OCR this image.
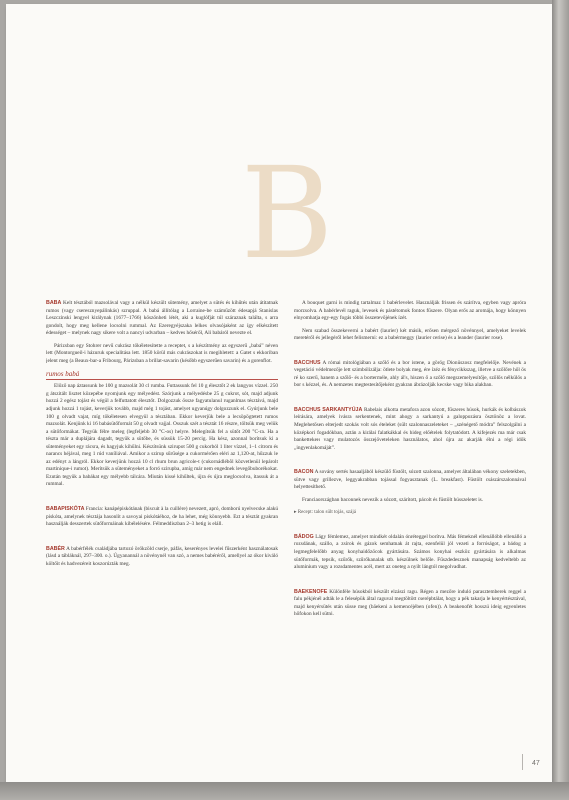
B

BABÁ Kelt tésztából mazsolával vagy a nélkül készült sütemény, amelyet a sütés és kihűtés után átitatnak rumos (vagy cseresznyepálinkás) szruppal. A babá állítólag a Lorraine-be száműzött édesapjá Stanislas Leszczinski lengyel királynak (1677–1766) köszönheti létét, aki a kuglófját túl száraznak találta, s arra gondolt, hogy meg kellene locsolni rummal. Az Ezeregyéjszaka lelkes olvasójaként az így elkészített édességet – melynek nagy sikere volt a nancyi udvarban – kedves hőséről, Ali babáról nevezte el.

Párizsban egy Stohrer nevű cukrász tökéletesítette a receptet, s a készítmény az egyszerű „babá” néven lett (Montorgueil-i házuruk specialitása lett. 1850 körül más cukrászokat is megihletett: a Gatet s ekkoriban jelent meg (a Beaux-bar-a Fribourg, Párizsban a brillat-savarin (később egyszerűen savarin) és a gorenflot.

rumos babá

Előző nap áztassunk be 100 g mazsolát 30 cl rumba. Futtassunk fel 10 g élesztőt 2 ek langyos vízzel. 250 g átszitált lisztet közepébe nyomjunk egy mélyedést. Szórjunk a mélyedésbe 25 g cukrot, sót, majd adjunk hozzá 2 egész tojást és végül a felfuttatott élesztőt. Dolgozzuk össze fagyatulanul ruganlmas tésztává, majd adjunk hozzá 1 tojást, keverjük tovább, majd még 1 tojást, amelyet ugyanúgy dolgozzunk el. Gyúrjunk bele 100 g olvadt vajat, míg tökéletesen elvegyül a tésztában. Ekkor keverjük bele a lecsöpögtetett rumos mazsolát. Kenjünk ki 16 babásütőformát 50 g olvadt vajjal. Osszuk szét a tésztát 16 részre, töltsük meg velük a sütőformákat. Tegyük félre meleg (legfeljebb 30 °C-os) helyre. Melegítsük fel a sütőt 200 °C-ra. Ha a tészta már a duplájára dagadt, tegyük a sütőbe, és sússük 15-20 percig. Ha kész, azonnal borítsuk ki a süteményeket egy rácsra, és hagyjuk kihűlni. Készítsünk szirupot 500 g cukorból 1 liter vízzel, 1–1 citrom és narancs héjával, meg 1 rúd vaníliával. Amikor a szirup sűrűsége a cukormérően eléri az 1,120-at, hűzzuk le az edényt a lángról. Ekkor keverjünk hozzá 10 cl rhum brun agricole-t (cukornádlébõl közvetlenül lepárolt martinique-i rumot). Merítsük a süteményeket a forró szirupba, amíg már nem engednek levegőbuborékokat. Ezután tegyük a babákat egy mélyebb tálcára. Miután kissé kihűltek, újra és újra meglocsolva, itassuk át a rummal.

BABAPISKÓTA Francia: kanápépiskótának (biscuit à la cuillère) nevezett, apró, domború nyelvecske alakú piskóta, amelynek tésztája hasonlít a savoyai piskótáéhoz, de ha lehet, még könnyebb. Ezt a tésztát gyakran használják desszertek sütőformáinak kibélelésére. Félmeddiszban 2–3 hetig is eláll.

BABÉR A babérfélék családjába tartozó örökzöld cserje, páfás, keserényes levelei fűszerként használatosak (lásd a tábláknál, 297–300. o.). Úgyanannál a növénynél van szó, a nemes babéréről, amellyel az ókor kiváló költőit és hadvezéreit koszorúzták meg.

A bouquet garni is mindig tartalmaz 1 babérlevelet. Használják frissen és szárítva, egyben vagy apróra morzsolva. A babérlevél raguk, levesek és pástétomok fontos fűszere. Olyan erős az aromája, hogy könnyen elnyomhatja egy-egy fogás többi összetevőjének ízét.

Nem szabad összekeverni a babért (laurier) két másik, erősen mérgező növénnyel, amelyeket levelek meretéről és jellegéről lehet felismerni: ez a babérmeggy (laurier cerise) és a leander (laurier rose).

BACCHUS A római mitológiában a szőlő és a bor istene, a görög Dionüszosz megfelelője. Nevének a vegetáció védelmezője lett szimbólizálja: ötlete bolyak meg, ére ízéz és fénycikkszag, illetve a szőlőre hől ös ré ko szerű, hanem a szőlő- és a borterméle, ahly ál's, hiszen ő a szőlő megszemelyesítője, szőlős nélkülös a bor s kézzel, és. A nemzetes megtestesítőjeként gyakran ábrázolják kecske vagy bika alakban.

BACCHUS SARKANTYÚJA Rabelais alkotta metafora azon sózott, fűszeres húsok, hurkák és kolbászok leírására, amelyek ivásra serkentenek, mint ahogy a sarkantyú a galoppozásra ösztönöz a lovat. Meglehetősen elterjedt szokás volt sós ételeket (sült szalonnaszeleteket – „szénégető módra” felszolgálni a középkori fogadókban, aztán a királai falatkákkal és hideg előételek folytatódott. A kifejezés ma már csak bankettekeн vagy mulatozós összejöveteleken használatos, ahol újra az akarják élni a régi idők „ingyenlakomáját”.

BACON A sovány sertés hasaaljából készülő füstölt, sózott szalonna, amelyet általában vékony szeletekben, sütve vagy grillezve, leggyakrabban tojással fogyasztanak (L. breakfast). Füstölt császárszalonnával helyettesíthető.

Franciaországban baconnek nevezik a sózott, szárított, pácolt és füstölt hússzeletet is.

▸ Recept: talon sült tojás, szájá

BÁDOG Lágy fémlemez, amelyet mindkét oldalán ónréteggel borítva. Más fémeknél ellenállóbb ellenálló a rozsdának, szállo, a zsírok és gázok semhatnak át rajta, ezenfelül jól vezeti a forróságot, a bádog a legmegfelelőbb anyag konyhaidőzöcok gyártására. Számos konyhai eszköz gyártására is alkalmas sütőformák, tepsik, szűrők, szűrőkanalak stb. készülnek belőle. Fűszdedesznek manapság kedveltebb az aluminium vagy a rozsdamentes acél, mert az oneteg a nyilt lángtól megolvadhat.

BAEKENOFE Különféle húsokból készült elzászi ragu. Régen a mezőre induló parasztemberek reggel a falu pékjénél adták le a felesépük által raguval megtöltött cserépbtálat, hogy a pék takarja le kenyértésztával, majd kenyérsütés után süsse meg (bäekeni a kemencéjében (ofen)). A beakenofét hosszú ideig egyenletes hőfokon kell sütni.

47
